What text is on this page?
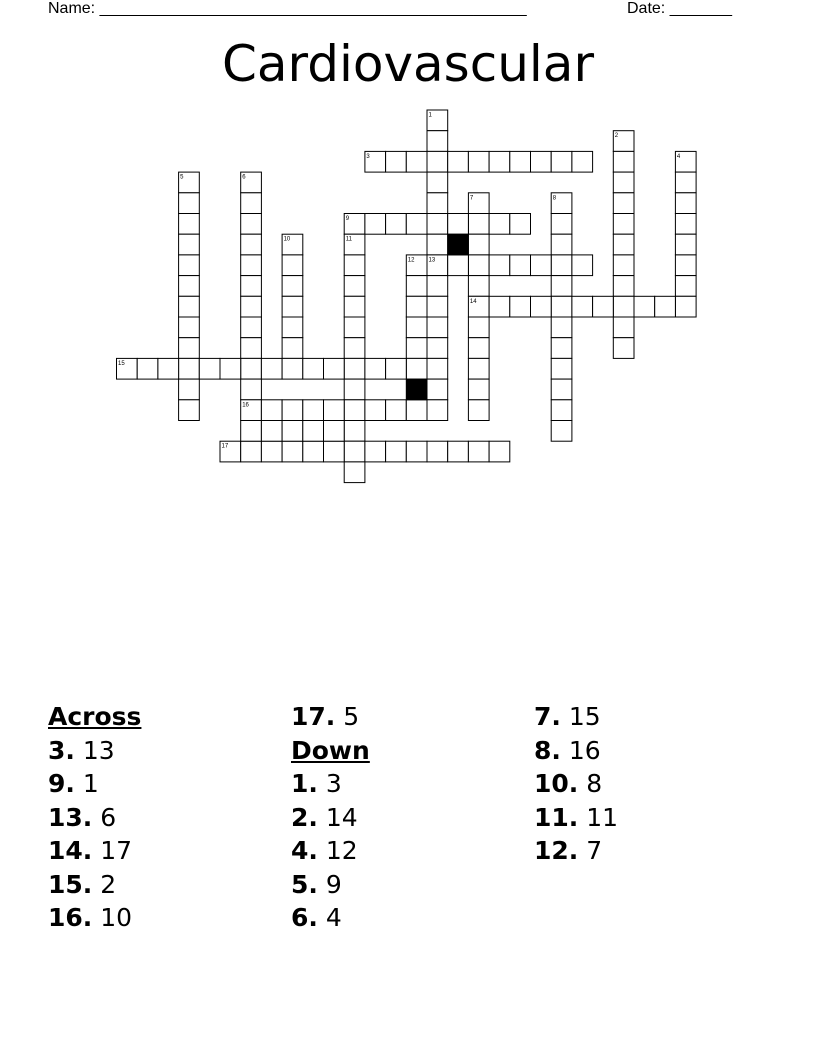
Name: ________________________________________________	Date: _______
Cardiovascular
1
2
3	4
5	6
7	8
9
10	11
12 13
14
15
16
17
Across
3. 13
9. 1
13. 6
14. 17
15. 2
16. 10
17. 5
Down
1. 3
2. 14
4. 12
5. 9
6. 4
7. 15
8. 16
10. 8
11. 11
12. 7
